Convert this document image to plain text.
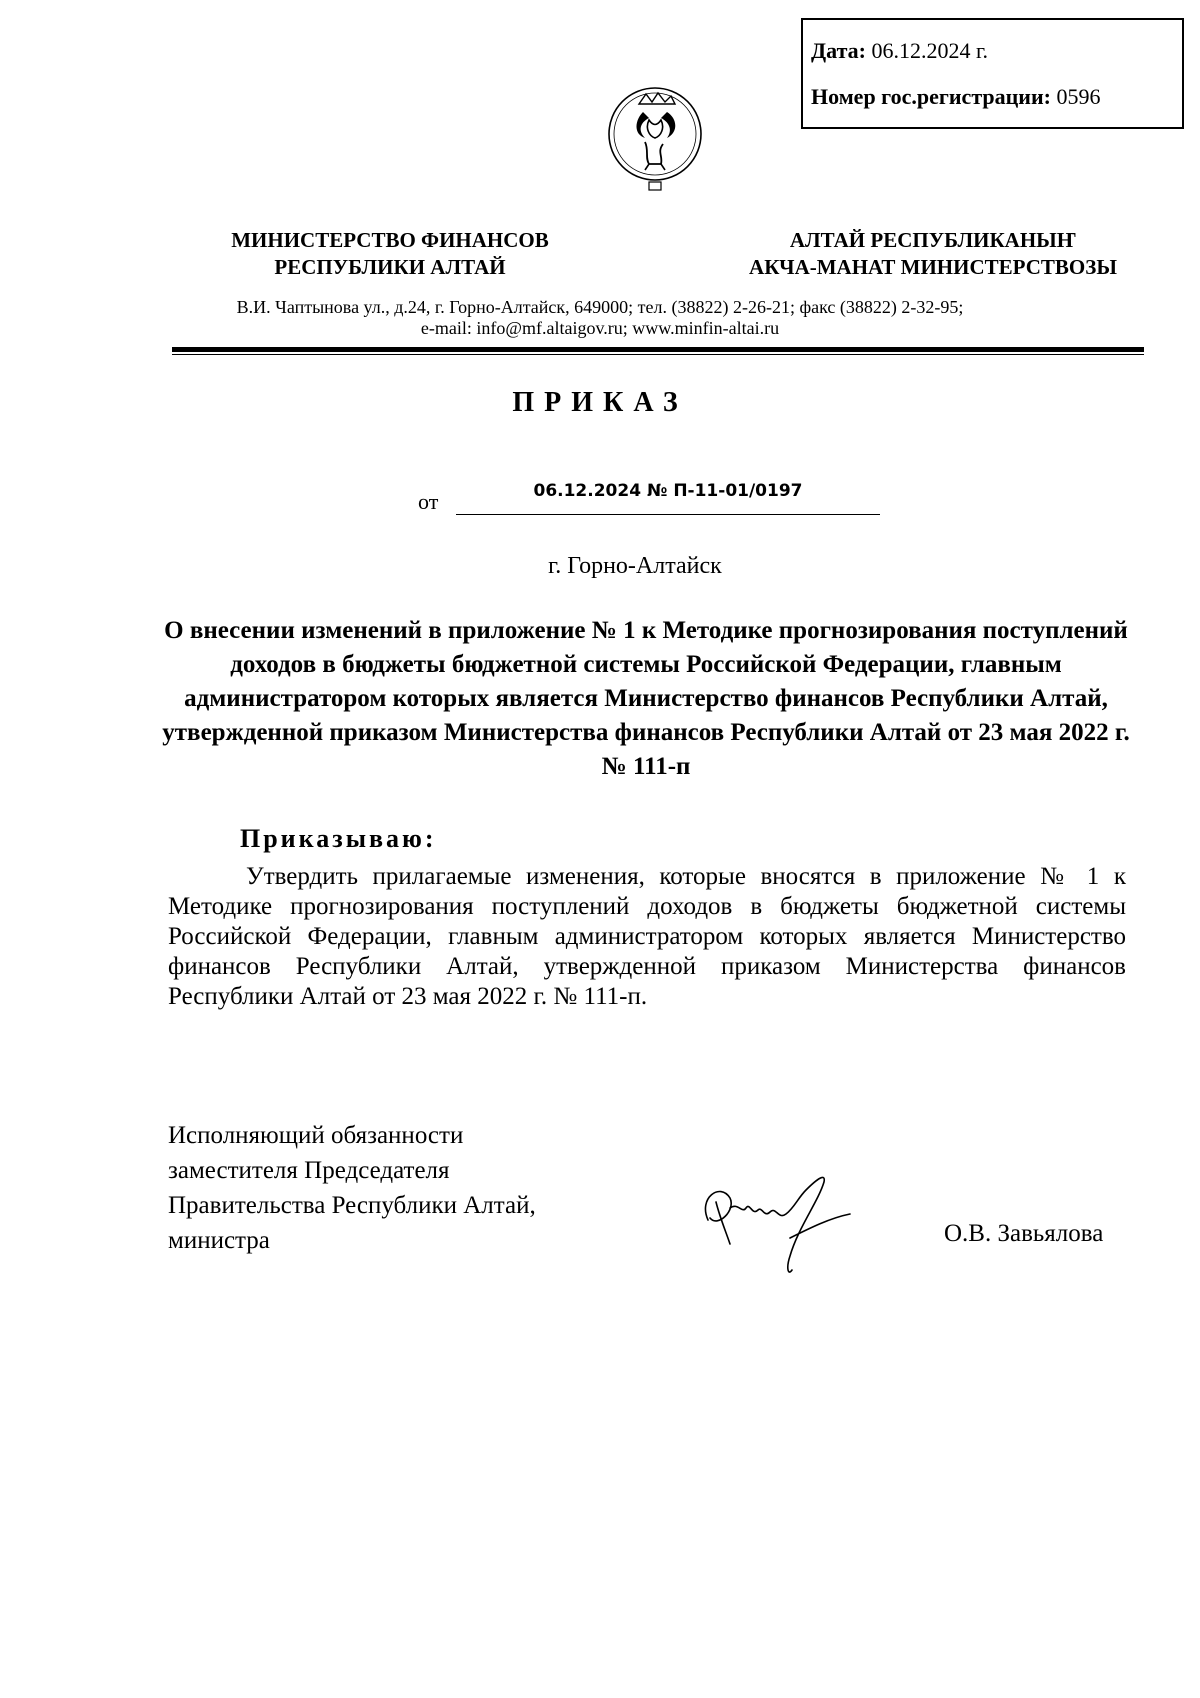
Дата: 06.12.2024 г.
Номер гос.регистрации: 0596
МИНИСТЕРСТВО ФИНАНСОВ
РЕСПУБЛИКИ АЛТАЙ
АЛТАЙ РЕСПУБЛИКАНЫҤ
АКЧА-МАНАТ МИНИСТЕРСТВОЗЫ
В.И. Чаптынова ул., д.24, г. Горно-Алтайск, 649000; тел. (38822) 2-26-21; факс (38822) 2-32-95;
e-mail: info@mf.altaigov.ru; www.minfin-altai.ru
ПРИКАЗ
от	06.12.2024 № П-11-01/0197
г. Горно-Алтайск
О внесении изменений в приложение № 1 к Методике прогнозирования поступлений доходов в бюджеты бюджетной системы Российской Федерации, главным администратором которых является Министерство финансов Республики Алтай, утвержденной приказом Министерства финансов Республики Алтай от 23 мая 2022 г. № 111-п
Приказываю:
Утвердить прилагаемые изменения, которые вносятся в приложение № 1 к Методике прогнозирования поступлений доходов в бюджеты бюджетной системы Российской Федерации, главным администратором которых является Министерство финансов Республики Алтай, утвержденной приказом Министерства финансов Республики Алтай от 23 мая 2022 г. № 111-п.
Исполняющий обязанности
заместителя Председателя
Правительства Республики Алтай,
министра	О.В. Завьялова
